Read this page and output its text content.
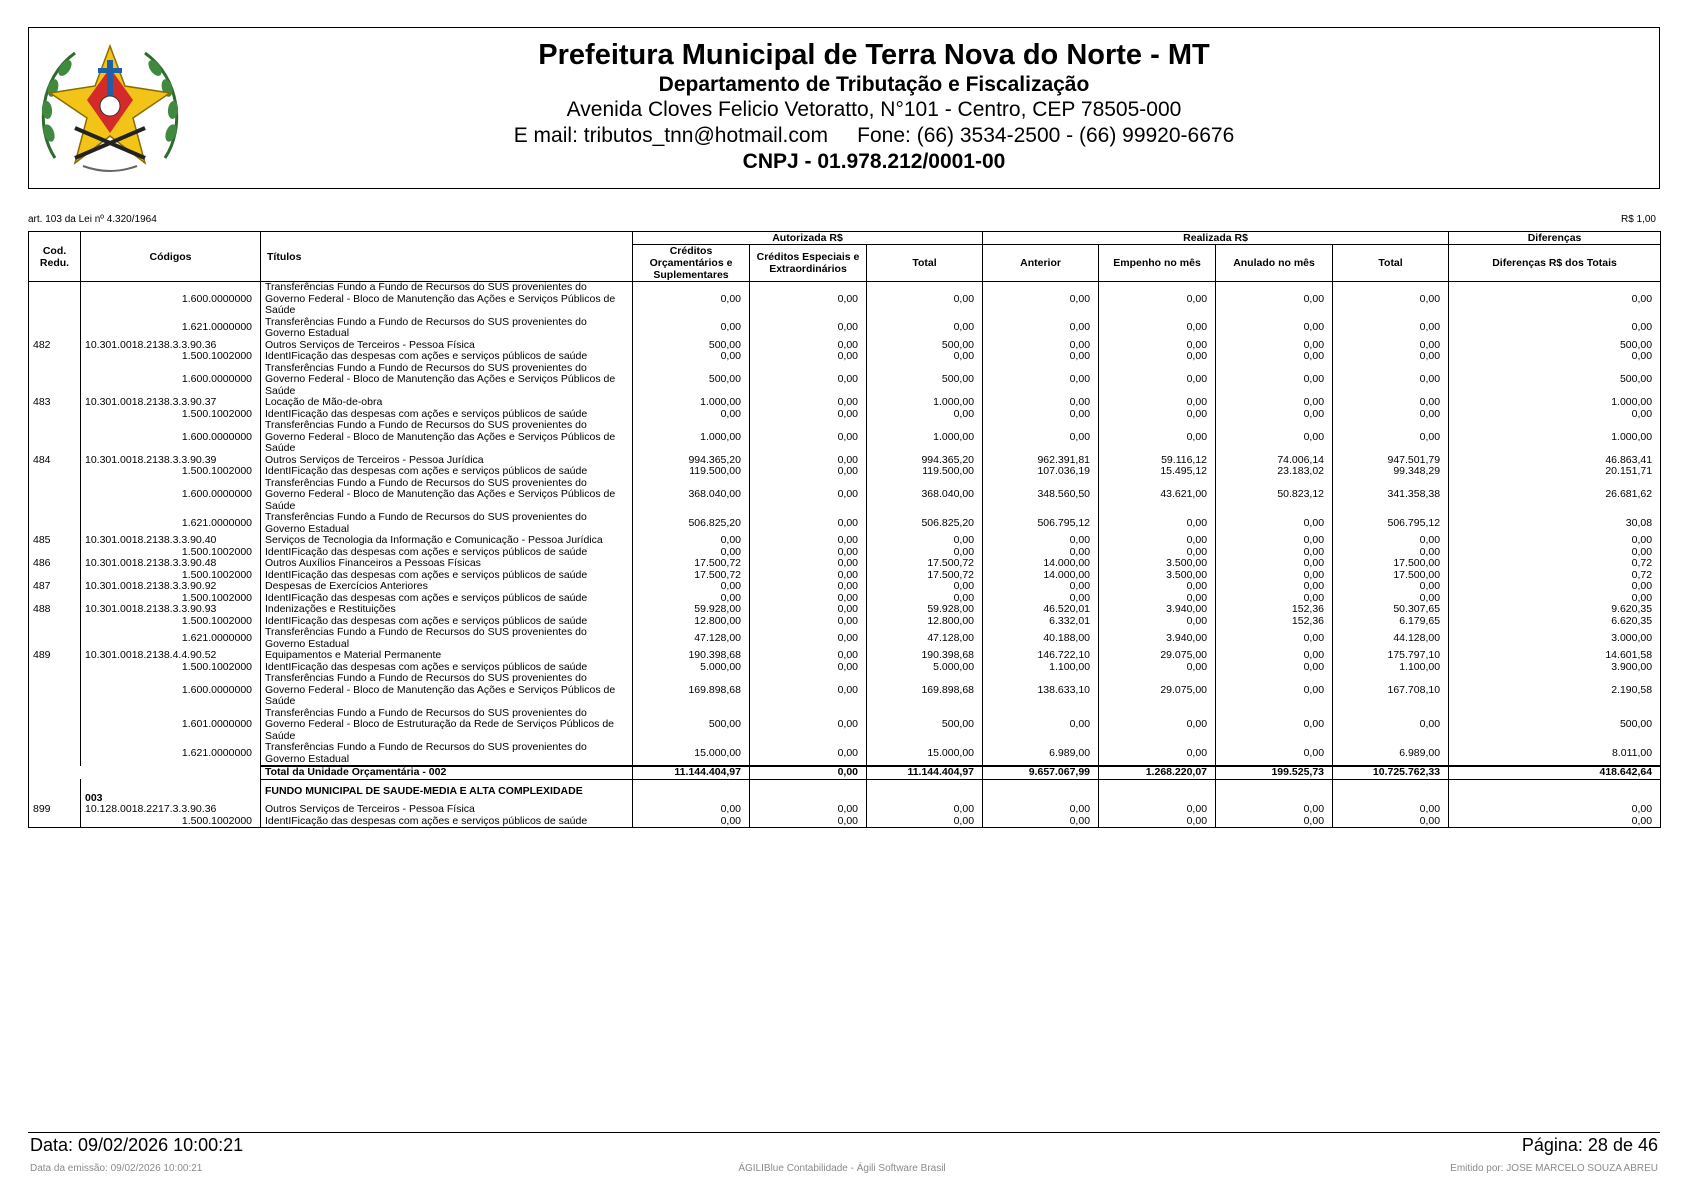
Prefeitura Municipal de Terra Nova do Norte - MT
Departamento de Tributação e Fiscalização
Avenida Cloves Felicio Vetoratto, N°101 - Centro, CEP 78505-000
E mail: tributos_tnn@hotmail.com     Fone: (66) 3534-2500 - (66) 99920-6676
CNPJ - 01.978.212/0001-00
art. 103 da Lei nº 4.320/1964	R$ 1,00
Cod. Redu.	Códigos	Títulos	Autorizada R$			Realizada R$				Diferenças
			Créditos Orçamentários e Suplementares	Créditos Especiais e Extraordinários	Total	Anterior	Empenho no mês	Anulado no mês	Total	Diferenças R$ dos Totais
	1.600.0000000	Transferências Fundo a Fundo de Recursos do SUS provenientes do Governo Federal - Bloco de Manutenção das Ações e Serviços Públicos de Saúde	0,00	0,00	0,00	0,00	0,00	0,00	0,00	0,00
	1.621.0000000	Transferências Fundo a Fundo de Recursos do SUS provenientes do Governo Estadual	0,00	0,00	0,00	0,00	0,00	0,00	0,00	0,00
482	10.301.0018.2138.3.3.90.36	Outros Serviços de Terceiros - Pessoa Física	500,00	0,00	500,00	0,00	0,00	0,00	0,00	500,00
	1.500.1002000	IdentIFicação das despesas com ações e serviços públicos de saúde	0,00	0,00	0,00	0,00	0,00	0,00	0,00	0,00
	1.600.0000000	Transferências Fundo a Fundo de Recursos do SUS provenientes do Governo Federal - Bloco de Manutenção das Ações e Serviços Públicos de Saúde	500,00	0,00	500,00	0,00	0,00	0,00	0,00	500,00
483	10.301.0018.2138.3.3.90.37	Locação de Mão-de-obra	1.000,00	0,00	1.000,00	0,00	0,00	0,00	0,00	1.000,00
	1.500.1002000	IdentIFicação das despesas com ações e serviços públicos de saúde	0,00	0,00	0,00	0,00	0,00	0,00	0,00	0,00
	1.600.0000000	Transferências Fundo a Fundo de Recursos do SUS provenientes do Governo Federal - Bloco de Manutenção das Ações e Serviços Públicos de Saúde	1.000,00	0,00	1.000,00	0,00	0,00	0,00	0,00	1.000,00
484	10.301.0018.2138.3.3.90.39	Outros Serviços de Terceiros - Pessoa Jurídica	994.365,20	0,00	994.365,20	962.391,81	59.116,12	74.006,14	947.501,79	46.863,41
	1.500.1002000	IdentIFicação das despesas com ações e serviços públicos de saúde	119.500,00	0,00	119.500,00	107.036,19	15.495,12	23.183,02	99.348,29	20.151,71
	1.600.0000000	Transferências Fundo a Fundo de Recursos do SUS provenientes do Governo Federal - Bloco de Manutenção das Ações e Serviços Públicos de Saúde	368.040,00	0,00	368.040,00	348.560,50	43.621,00	50.823,12	341.358,38	26.681,62
	1.621.0000000	Transferências Fundo a Fundo de Recursos do SUS provenientes do Governo Estadual	506.825,20	0,00	506.825,20	506.795,12	0,00	0,00	506.795,12	30,08
485	10.301.0018.2138.3.3.90.40	Serviços de Tecnologia da Informação e Comunicação - Pessoa Jurídica	0,00	0,00	0,00	0,00	0,00	0,00	0,00	0,00
	1.500.1002000	IdentIFicação das despesas com ações e serviços públicos de saúde	0,00	0,00	0,00	0,00	0,00	0,00	0,00	0,00
486	10.301.0018.2138.3.3.90.48	Outros Auxílios Financeiros a Pessoas Físicas	17.500,72	0,00	17.500,72	14.000,00	3.500,00	0,00	17.500,00	0,72
	1.500.1002000	IdentIFicação das despesas com ações e serviços públicos de saúde	17.500,72	0,00	17.500,72	14.000,00	3.500,00	0,00	17.500,00	0,72
487	10.301.0018.2138.3.3.90.92	Despesas de Exercícios Anteriores	0,00	0,00	0,00	0,00	0,00	0,00	0,00	0,00
	1.500.1002000	IdentIFicação das despesas com ações e serviços públicos de saúde	0,00	0,00	0,00	0,00	0,00	0,00	0,00	0,00
488	10.301.0018.2138.3.3.90.93	Indenizações e Restituições	59.928,00	0,00	59.928,00	46.520,01	3.940,00	152,36	50.307,65	9.620,35
	1.500.1002000	IdentIFicação das despesas com ações e serviços públicos de saúde	12.800,00	0,00	12.800,00	6.332,01	0,00	152,36	6.179,65	6.620,35
	1.621.0000000	Transferências Fundo a Fundo de Recursos do SUS provenientes do Governo Estadual	47.128,00	0,00	47.128,00	40.188,00	3.940,00	0,00	44.128,00	3.000,00
489	10.301.0018.2138.4.4.90.52	Equipamentos e Material Permanente	190.398,68	0,00	190.398,68	146.722,10	29.075,00	0,00	175.797,10	14.601,58
	1.500.1002000	IdentIFicação das despesas com ações e serviços públicos de saúde	5.000,00	0,00	5.000,00	1.100,00	0,00	0,00	1.100,00	3.900,00
	1.600.0000000	Transferências Fundo a Fundo de Recursos do SUS provenientes do Governo Federal - Bloco de Manutenção das Ações e Serviços Públicos de Saúde	169.898,68	0,00	169.898,68	138.633,10	29.075,00	0,00	167.708,10	2.190,58
	1.601.0000000	Transferências Fundo a Fundo de Recursos do SUS provenientes do Governo Federal - Bloco de Estruturação da Rede de Serviços Públicos de Saúde	500,00	0,00	500,00	0,00	0,00	0,00	0,00	500,00
	1.621.0000000	Transferências Fundo a Fundo de Recursos do SUS provenientes do Governo Estadual	15.000,00	0,00	15.000,00	6.989,00	0,00	0,00	6.989,00	8.011,00
		Total da Unidade Orçamentária - 002	11.144.404,97	0,00	11.144.404,97	9.657.067,99	1.268.220,07	199.525,73	10.725.762,33	418.642,64
	003	FUNDO MUNICIPAL DE SAUDE-MEDIA E ALTA COMPLEXIDADE								
899	10.128.0018.2217.3.3.90.36	Outros Serviços de Terceiros - Pessoa Física	0,00	0,00	0,00	0,00	0,00	0,00	0,00	0,00
	1.500.1002000	IdentIFicação das despesas com ações e serviços públicos de saúde	0,00	0,00	0,00	0,00	0,00	0,00	0,00	0,00
Data: 09/02/2026 10:00:21	Página: 28 de 46
Data da emissão: 09/02/2026 10:00:21	ÁGILIBlue Contabilidade - Ágili Software Brasil	Emitido por: JOSE MARCELO SOUZA ABREU
